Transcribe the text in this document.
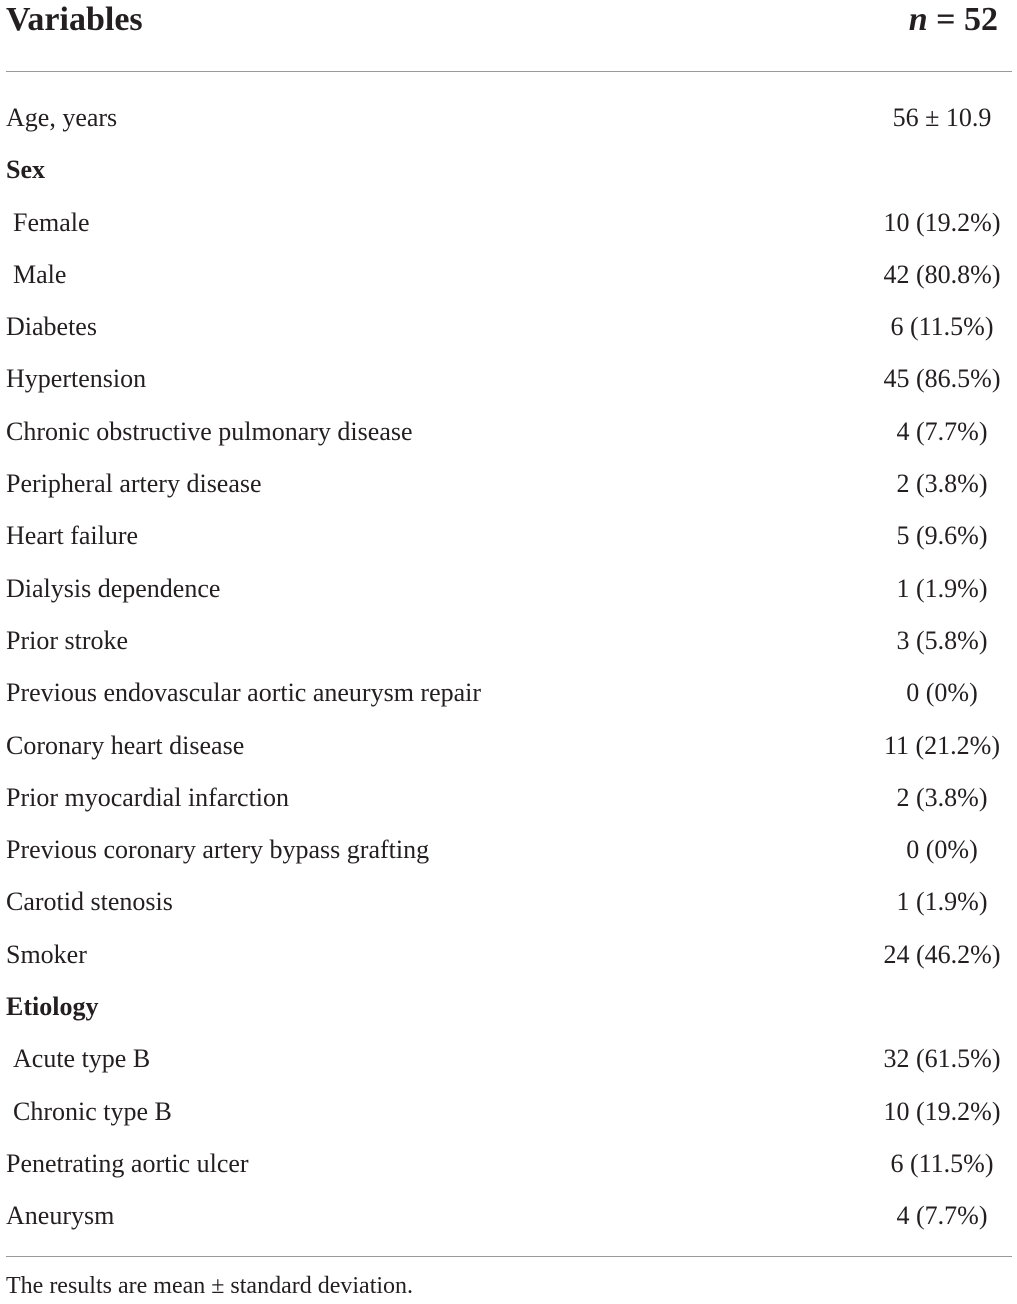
Variables	n = 52
Age, years	56 ± 10.9
Sex
Female	10 (19.2%)
Male	42 (80.8%)
Diabetes	6 (11.5%)
Hypertension	45 (86.5%)
Chronic obstructive pulmonary disease	4 (7.7%)
Peripheral artery disease	2 (3.8%)
Heart failure	5 (9.6%)
Dialysis dependence	1 (1.9%)
Prior stroke	3 (5.8%)
Previous endovascular aortic aneurysm repair	0 (0%)
Coronary heart disease	11 (21.2%)
Prior myocardial infarction	2 (3.8%)
Previous coronary artery bypass grafting	0 (0%)
Carotid stenosis	1 (1.9%)
Smoker	24 (46.2%)
Etiology
Acute type B	32 (61.5%)
Chronic type B	10 (19.2%)
Penetrating aortic ulcer	6 (11.5%)
Aneurysm	4 (7.7%)
The results are mean ± standard deviation.
